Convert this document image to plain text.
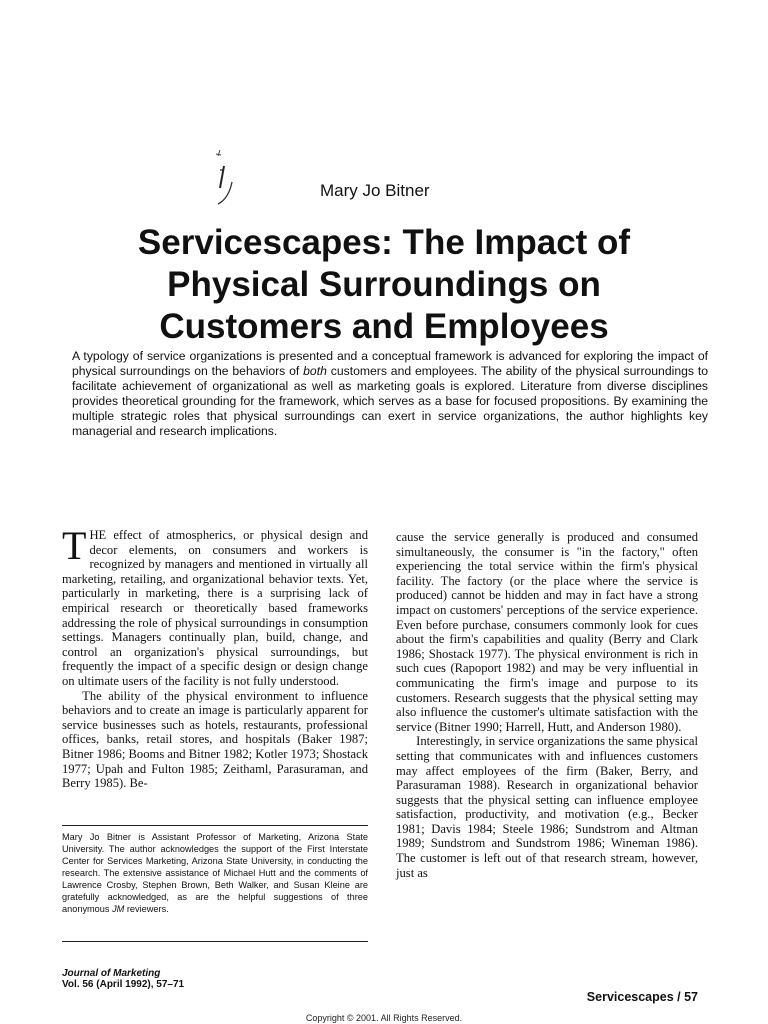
Mary Jo Bitner
Servicescapes: The Impact of
Physical Surroundings on
Customers and Employees
A typology of service organizations is presented and a conceptual framework is advanced for exploring the impact of physical surroundings on the behaviors of both customers and employees. The ability of the physical surroundings to facilitate achievement of organizational as well as marketing goals is explored. Literature from diverse disciplines provides theoretical grounding for the framework, which serves as a base for focused propositions. By examining the multiple strategic roles that physical surroundings can exert in service organizations, the author highlights key managerial and research implications.

THE effect of atmospherics, or physical design and decor elements, on consumers and workers is recognized by managers and mentioned in virtually all marketing, retailing, and organizational behavior texts. Yet, particularly in marketing, there is a surprising lack of empirical research or theoretically based frameworks addressing the role of physical surroundings in consumption settings. Managers continually plan, build, change, and control an organization's physical surroundings, but frequently the impact of a specific design or design change on ultimate users of the facility is not fully understood.

The ability of the physical environment to influence behaviors and to create an image is particularly apparent for service businesses such as hotels, restaurants, professional offices, banks, retail stores, and hospitals (Baker 1987; Bitner 1986; Booms and Bitner 1982; Kotler 1973; Shostack 1977; Upah and Fulton 1985; Zeithaml, Parasuraman, and Berry 1985). Be-

Mary Jo Bitner is Assistant Professor of Marketing, Arizona State University. The author acknowledges the support of the First Interstate Center for Services Marketing, Arizona State University, in conducting the research. The extensive assistance of Michael Hutt and the comments of Lawrence Crosby, Stephen Brown, Beth Walker, and Susan Kleine are gratefully acknowledged, as are the helpful suggestions of three anonymous JM reviewers.

cause the service generally is produced and consumed simultaneously, the consumer is "in the factory," often experiencing the total service within the firm's physical facility. The factory (or the place where the service is produced) cannot be hidden and may in fact have a strong impact on customers' perceptions of the service experience. Even before purchase, consumers commonly look for cues about the firm's capabilities and quality (Berry and Clark 1986; Shostack 1977). The physical environment is rich in such cues (Rapoport 1982) and may be very influential in communicating the firm's image and purpose to its customers. Research suggests that the physical setting may also influence the customer's ultimate satisfaction with the service (Bitner 1990; Harrell, Hutt, and Anderson 1980).

Interestingly, in service organizations the same physical setting that communicates with and influences customers may affect employees of the firm (Baker, Berry, and Parasuraman 1988). Research in organizational behavior suggests that the physical setting can influence employee satisfaction, productivity, and motivation (e.g., Becker 1981; Davis 1984; Steele 1986; Sundstrom and Altman 1989; Sundstrom and Sundstrom 1986; Wineman 1986). The customer is left out of that research stream, however, just as

Journal of Marketing
Vol. 56 (April 1992), 57–71
Servicescapes / 57
Copyright © 2001. All Rights Reserved.
